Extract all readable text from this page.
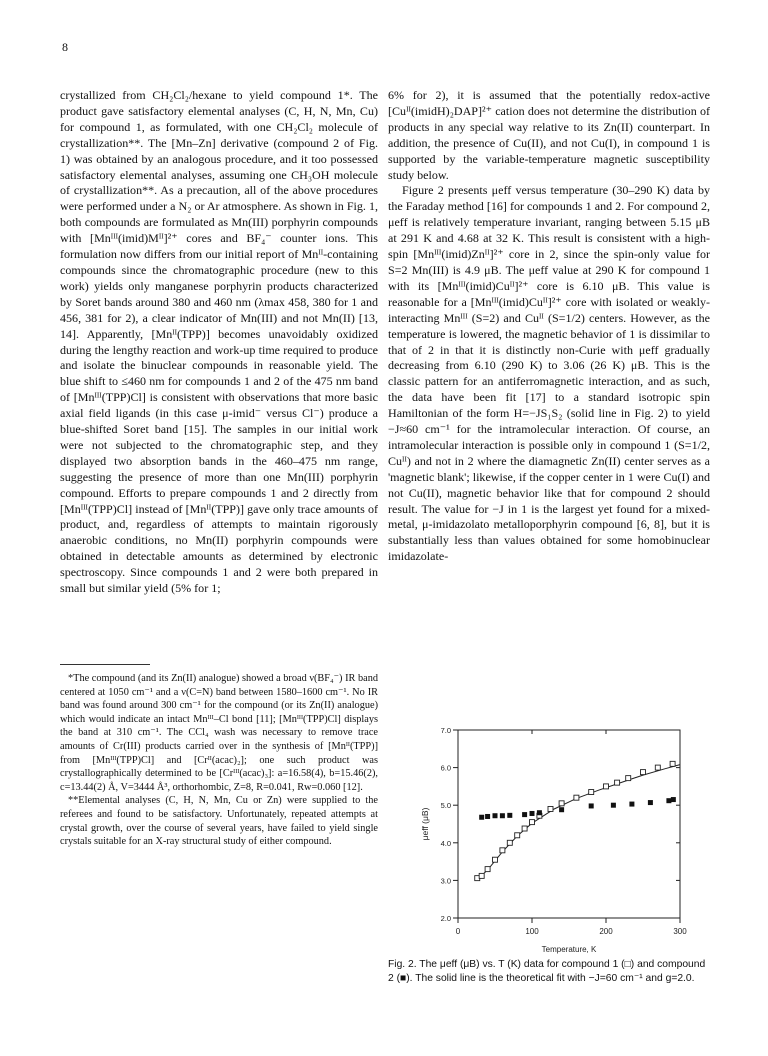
8

crystallized from CH₂Cl₂/hexane to yield compound 1*. The product gave satisfactory elemental analyses (C, H, N, Mn, Cu) for compound 1, as formulated, with one CH₂Cl₂ molecule of crystallization**. The [Mn–Zn] derivative (compound 2 of Fig. 1) was obtained by an analogous procedure, and it too possessed satisfactory elemental analyses, assuming one CH₃OH molecule of crystallization**. As a precaution, all of the above procedures were performed under a N₂ or Ar atmosphere. As shown in Fig. 1, both compounds are formulated as Mn(III) porphyrin compounds with [Mnᴵᴵᴵ(imid)Mᴵᴵ]²⁺ cores and BF₄⁻ counter ions. This formulation now differs from our initial report of Mnᴵᴵ-containing compounds since the chromatographic procedure (new to this work) yields only manganese porphyrin products characterized by Soret bands around 380 and 460 nm (λmax 458, 380 for 1 and 456, 381 for 2), a clear indicator of Mn(III) and not Mn(II) [13, 14]. Apparently, [Mnᴵᴵ(TPP)] becomes unavoidably oxidized during the lengthy reaction and work-up time required to produce and isolate the binuclear compounds in reasonable yield. The blue shift to ≤460 nm for compounds 1 and 2 of the 475 nm band of [Mnᴵᴵᴵ(TPP)Cl] is consistent with observations that more basic axial field ligands (in this case μ-imid⁻ versus Cl⁻) produce a blue-shifted Soret band [15]. The samples in our initial work were not subjected to the chromatographic step, and they displayed two absorption bands in the 460–475 nm range, suggesting the presence of more than one Mn(III) porphyrin compound. Efforts to prepare compounds 1 and 2 directly from [Mnᴵᴵᴵ(TPP)Cl] instead of [Mnᴵᴵ(TPP)] gave only trace amounts of product, and, regardless of attempts to maintain rigorously anaerobic conditions, no Mn(II) porphyrin compounds were obtained in detectable amounts as determined by electronic spectroscopy. Since compounds 1 and 2 were both prepared in small but similar yield (5% for 1;

*The compound (and its Zn(II) analogue) showed a broad ν(BF₄⁻) IR band centered at 1050 cm⁻¹ and a ν(C=N) band between 1580–1600 cm⁻¹. No IR band was found around 300 cm⁻¹ for the compound (or its Zn(II) analogue) which would indicate an intact Mnᴵᴵᴵ–Cl bond [11]; [Mnᴵᴵᴵ(TPP)Cl] displays the band at 310 cm⁻¹. The CCl₄ wash was necessary to remove trace amounts of Cr(III) products carried over in the synthesis of [Mnᴵᴵ(TPP)] from [Mnᴵᴵᴵ(TPP)Cl] and [Crᴵᴵ(acac)₂]; one such product was crystallographically determined to be [Crᴵᴵᴵ(acac)₃]: a=16.58(4), b=15.46(2), c=13.44(2) Å, V=3444 Å³, orthorhombic, Z=8, R=0.041, Rw=0.060 [12].

**Elemental analyses (C, H, N, Mn, Cu or Zn) were supplied to the referees and found to be satisfactory. Unfortunately, repeated attempts at crystal growth, over the course of several years, have failed to yield single crystals suitable for an X-ray structural study of either compound.

6% for 2), it is assumed that the potentially redox-active [Cuᴵᴵ(imidH)₂DAP]²⁺ cation does not determine the distribution of products in any special way relative to its Zn(II) counterpart. In addition, the presence of Cu(II), and not Cu(I), in compound 1 is supported by the variable-temperature magnetic susceptibility study below.

Figure 2 presents μeff versus temperature (30–290 K) data by the Faraday method [16] for compounds 1 and 2. For compound 2, μeff is relatively temperature invariant, ranging between 5.15 μB at 291 K and 4.68 at 32 K. This result is consistent with a high-spin [Mnᴵᴵᴵ(imid)Znᴵᴵ]²⁺ core in 2, since the spin-only value for S=2 Mn(III) is 4.9 μB. The μeff value at 290 K for compound 1 with its [Mnᴵᴵᴵ(imid)Cuᴵᴵ]²⁺ core is 6.10 μB. This value is reasonable for a [Mnᴵᴵᴵ(imid)Cuᴵᴵ]²⁺ core with isolated or weakly-interacting Mnᴵᴵᴵ (S=2) and Cuᴵᴵ (S=1/2) centers. However, as the temperature is lowered, the magnetic behavior of 1 is dissimilar to that of 2 in that it is distinctly non-Curie with μeff gradually decreasing from 6.10 (290 K) to 3.06 (26 K) μB. This is the classic pattern for an antiferromagnetic interaction, and as such, the data have been fit [17] to a standard isotropic spin Hamiltonian of the form H=−JS₁S₂ (solid line in Fig. 2) to yield −J≈60 cm⁻¹ for the intramolecular interaction. Of course, an intramolecular interaction is possible only in compound 1 (S=1/2, Cuᴵᴵ) and not in 2 where the diamagnetic Zn(II) center serves as a 'magnetic blank'; likewise, if the copper center in 1 were Cu(I) and not Cu(II), magnetic behavior like that for compound 2 should result. The value for −J in 1 is the largest yet found for a mixed-metal, μ-imidazolato metalloporphyrin compound [6, 8], but it is substantially less than values obtained for some homobinuclear imidazolate-

0	100	200	300
2.0
3.0
4.0
5.0
6.0
7.0
Temperature, K
μeff (μB)
Fig. 2. The μeff (μB) vs. T (K) data for compound 1 (□) and compound 2 (■). The solid line is the theoretical fit with −J=60 cm⁻¹ and g=2.0.
